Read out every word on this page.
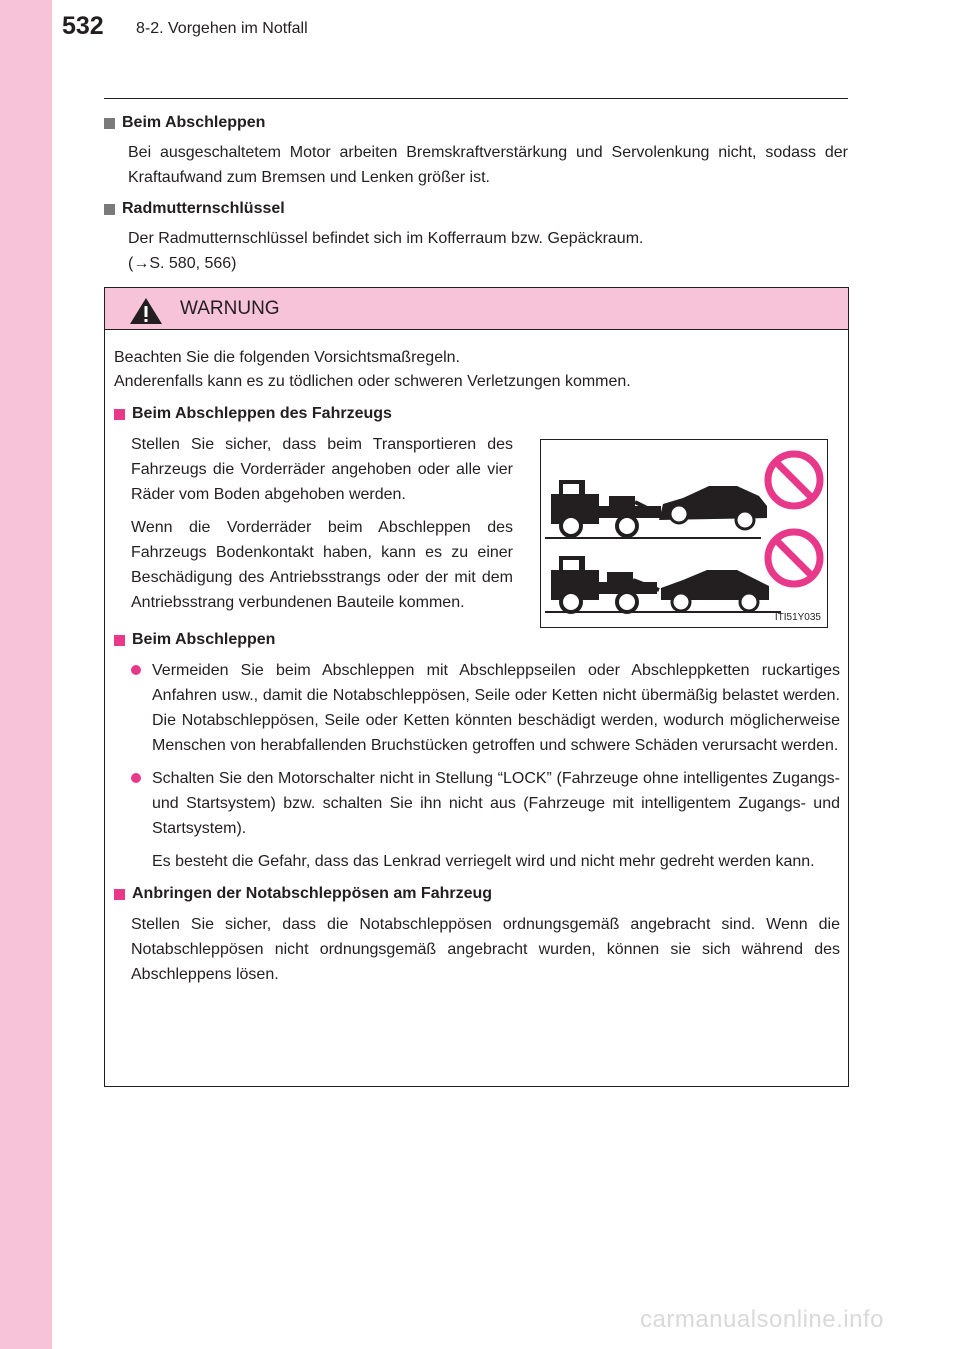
532 8-2. Vorgehen im Notfall
Beim Abschleppen

Bei ausgeschaltetem Motor arbeiten Bremskraftverstärkung und Servolenkung nicht, sodass der Kraftaufwand zum Bremsen und Lenken größer ist.

Radmutternschlüssel

Der Radmutternschlüssel befindet sich im Kofferraum bzw. Gepäckraum.

(→S. 580, 566)

WARNUNG

Beachten Sie die folgenden Vorsichtsmaßregeln.

Anderenfalls kann es zu tödlichen oder schweren Verletzungen kommen.

Beim Abschleppen des Fahrzeugs

Stellen Sie sicher, dass beim Transportieren des Fahrzeugs die Vorderräder angehoben oder alle vier Räder vom Boden abgehoben werden.

Wenn die Vorderräder beim Abschleppen des Fahrzeugs Bodenkontakt haben, kann es zu einer Beschädigung des Antriebsstrangs oder der mit dem Antriebsstrang verbundenen Bauteile kommen.

ITI51Y035
Beim Abschleppen

Vermeiden Sie beim Abschleppen mit Abschleppseilen oder Abschleppketten ruckartiges Anfahren usw., damit die Notabschleppösen, Seile oder Ketten nicht übermäßig belastet werden. Die Notabschleppösen, Seile oder Ketten könnten beschädigt werden, wodurch möglicherweise Menschen von herabfallenden Bruchstücken getroffen und schwere Schäden verursacht werden.

Schalten Sie den Motorschalter nicht in Stellung “LOCK” (Fahrzeuge ohne intelligentes Zugangs- und Startsystem) bzw. schalten Sie ihn nicht aus (Fahrzeuge mit intelligentem Zugangs- und Startsystem).

Es besteht die Gefahr, dass das Lenkrad verriegelt wird und nicht mehr gedreht werden kann.

Anbringen der Notabschleppösen am Fahrzeug

Stellen Sie sicher, dass die Notabschleppösen ordnungsgemäß angebracht sind. Wenn die Notabschleppösen nicht ordnungsgemäß angebracht wurden, können sie sich während des Abschleppens lösen.

carmanualsonline.info
